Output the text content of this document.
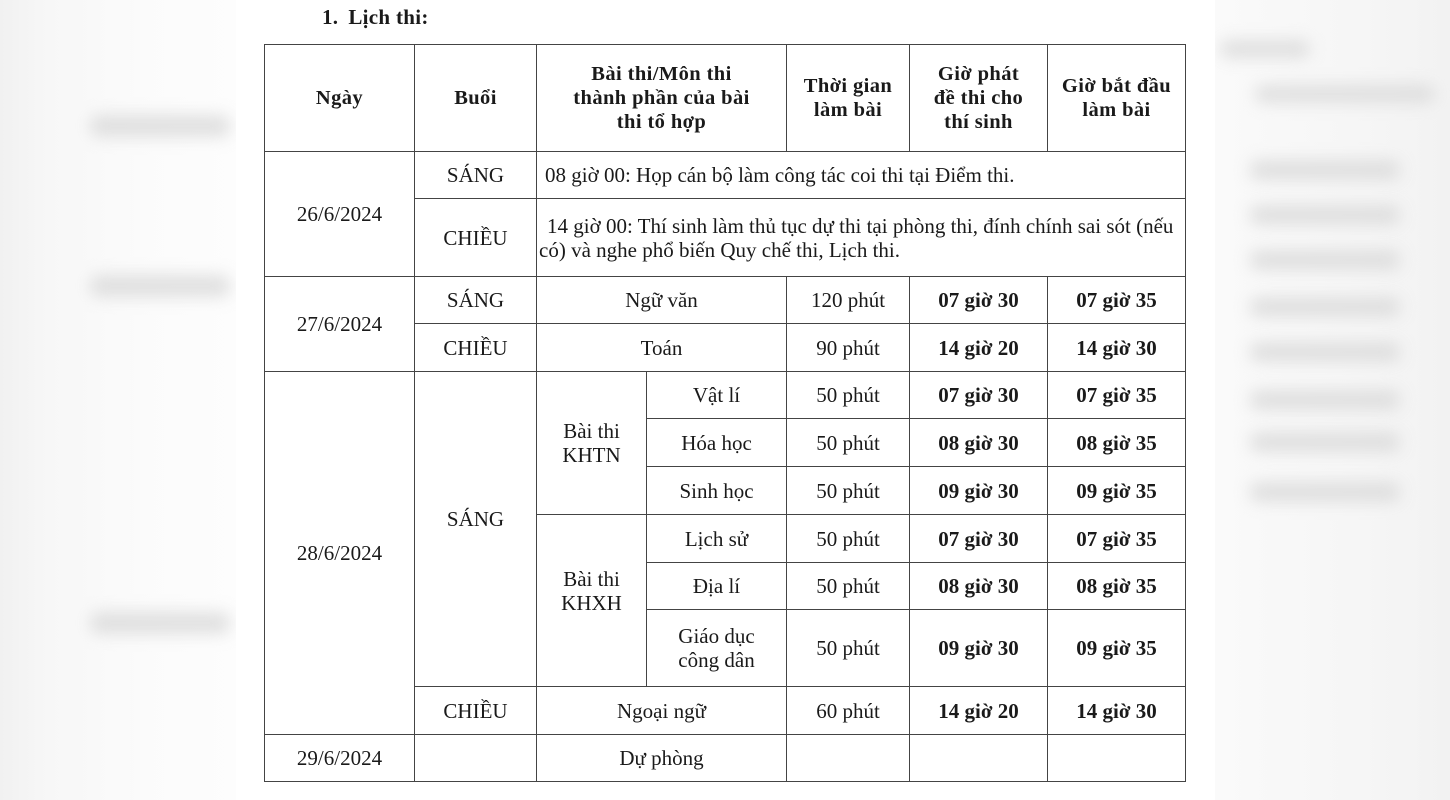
1. Lịch thi:
Ngày	Buổi	Bài thi/Môn thi thành phần của bài thi tổ hợp		Thời gian làm bài	Giờ phát đề thi cho thí sinh	Giờ bắt đầu làm bài
26/6/2024	SÁNG	08 giờ 00: Họp cán bộ làm công tác coi thi tại Điểm thi.				
	CHIỀU	14 giờ 00: Thí sinh làm thủ tục dự thi tại phòng thi, đính chính sai sót (nếu có) và nghe phổ biến Quy chế thi, Lịch thi.				
27/6/2024	SÁNG	Ngữ văn		120 phút	07 giờ 30	07 giờ 35
	CHIỀU	Toán		90 phút	14 giờ 20	14 giờ 30
28/6/2024	SÁNG	Bài thi KHTN	Vật lí	50 phút	07 giờ 30	07 giờ 35
			Hóa học	50 phút	08 giờ 30	08 giờ 35
			Sinh học	50 phút	09 giờ 30	09 giờ 35
		Bài thi KHXH	Lịch sử	50 phút	07 giờ 30	07 giờ 35
			Địa lí	50 phút	08 giờ 30	08 giờ 35
			Giáo dục công dân	50 phút	09 giờ 30	09 giờ 35
	CHIỀU	Ngoại ngữ		60 phút	14 giờ 20	14 giờ 30
29/6/2024		Dự phòng				
